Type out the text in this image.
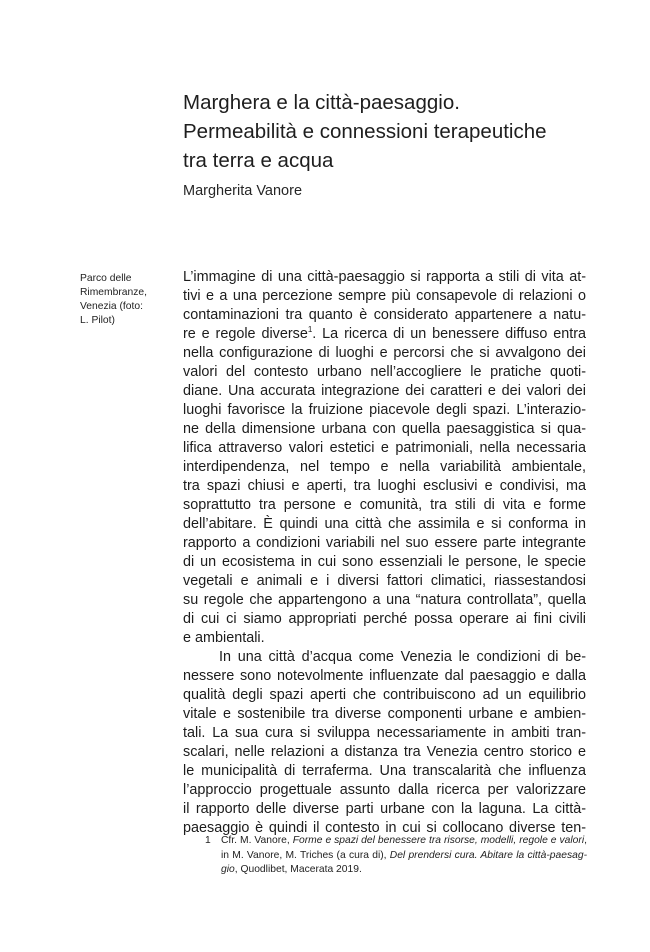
Marghera e la città-paesaggio.
Permeabilità e connessioni terapeutiche
tra terra e acqua
Margherita Vanore
Parco delle
Rimembranze,
Venezia (foto:
L. Pilot)
L’immagine di una città-paesaggio si rapporta a stili di vita at-
tivi e a una percezione sempre più consapevole di relazioni o
contaminazioni tra quanto è considerato appartenere a natu-
re e regole diverse$^1$. La ricerca di un benessere diffuso entra
nella configurazione di luoghi e percorsi che si avvalgono dei
valori del contesto urbano nell’accogliere le pratiche quoti-
diane. Una accurata integrazione dei caratteri e dei valori dei
luoghi favorisce la fruizione piacevole degli spazi. L’interazio-
ne della dimensione urbana con quella paesaggistica si qua-
lifica attraverso valori estetici e patrimoniali, nella necessaria
interdipendenza, nel tempo e nella variabilità ambientale,
tra spazi chiusi e aperti, tra luoghi esclusivi e condivisi, ma
soprattutto tra persone e comunità, tra stili di vita e forme
dell’abitare. È quindi una città che assimila e si conforma in
rapporto a condizioni variabili nel suo essere parte integrante
di un ecosistema in cui sono essenziali le persone, le specie
vegetali e animali e i diversi fattori climatici, riassestandosi
su regole che appartengono a una “natura controllata”, quella
di cui ci siamo appropriati perché possa operare ai fini civili
e ambientali.
In una città d’acqua come Venezia le condizioni di be-
nessere sono notevolmente influenzate dal paesaggio e dalla
qualità degli spazi aperti che contribuiscono ad un equilibrio
vitale e sostenibile tra diverse componenti urbane e ambien-
tali. La sua cura si sviluppa necessariamente in ambiti tran-
scalari, nelle relazioni a distanza tra Venezia centro storico e
le municipalità di terraferma. Una transcalarità che influenza
l’approccio progettuale assunto dalla ricerca per valorizzare
il rapporto delle diverse parti urbane con la laguna. La città-
paesaggio è quindi il contesto in cui si collocano diverse ten-
1 Cfr. M. Vanore, Forme e spazi del benessere tra risorse, modelli, regole e valori,
in M. Vanore, M. Triches (a cura di), Del prendersi cura. Abitare la città-paesag-
gio, Quodlibet, Macerata 2019.
